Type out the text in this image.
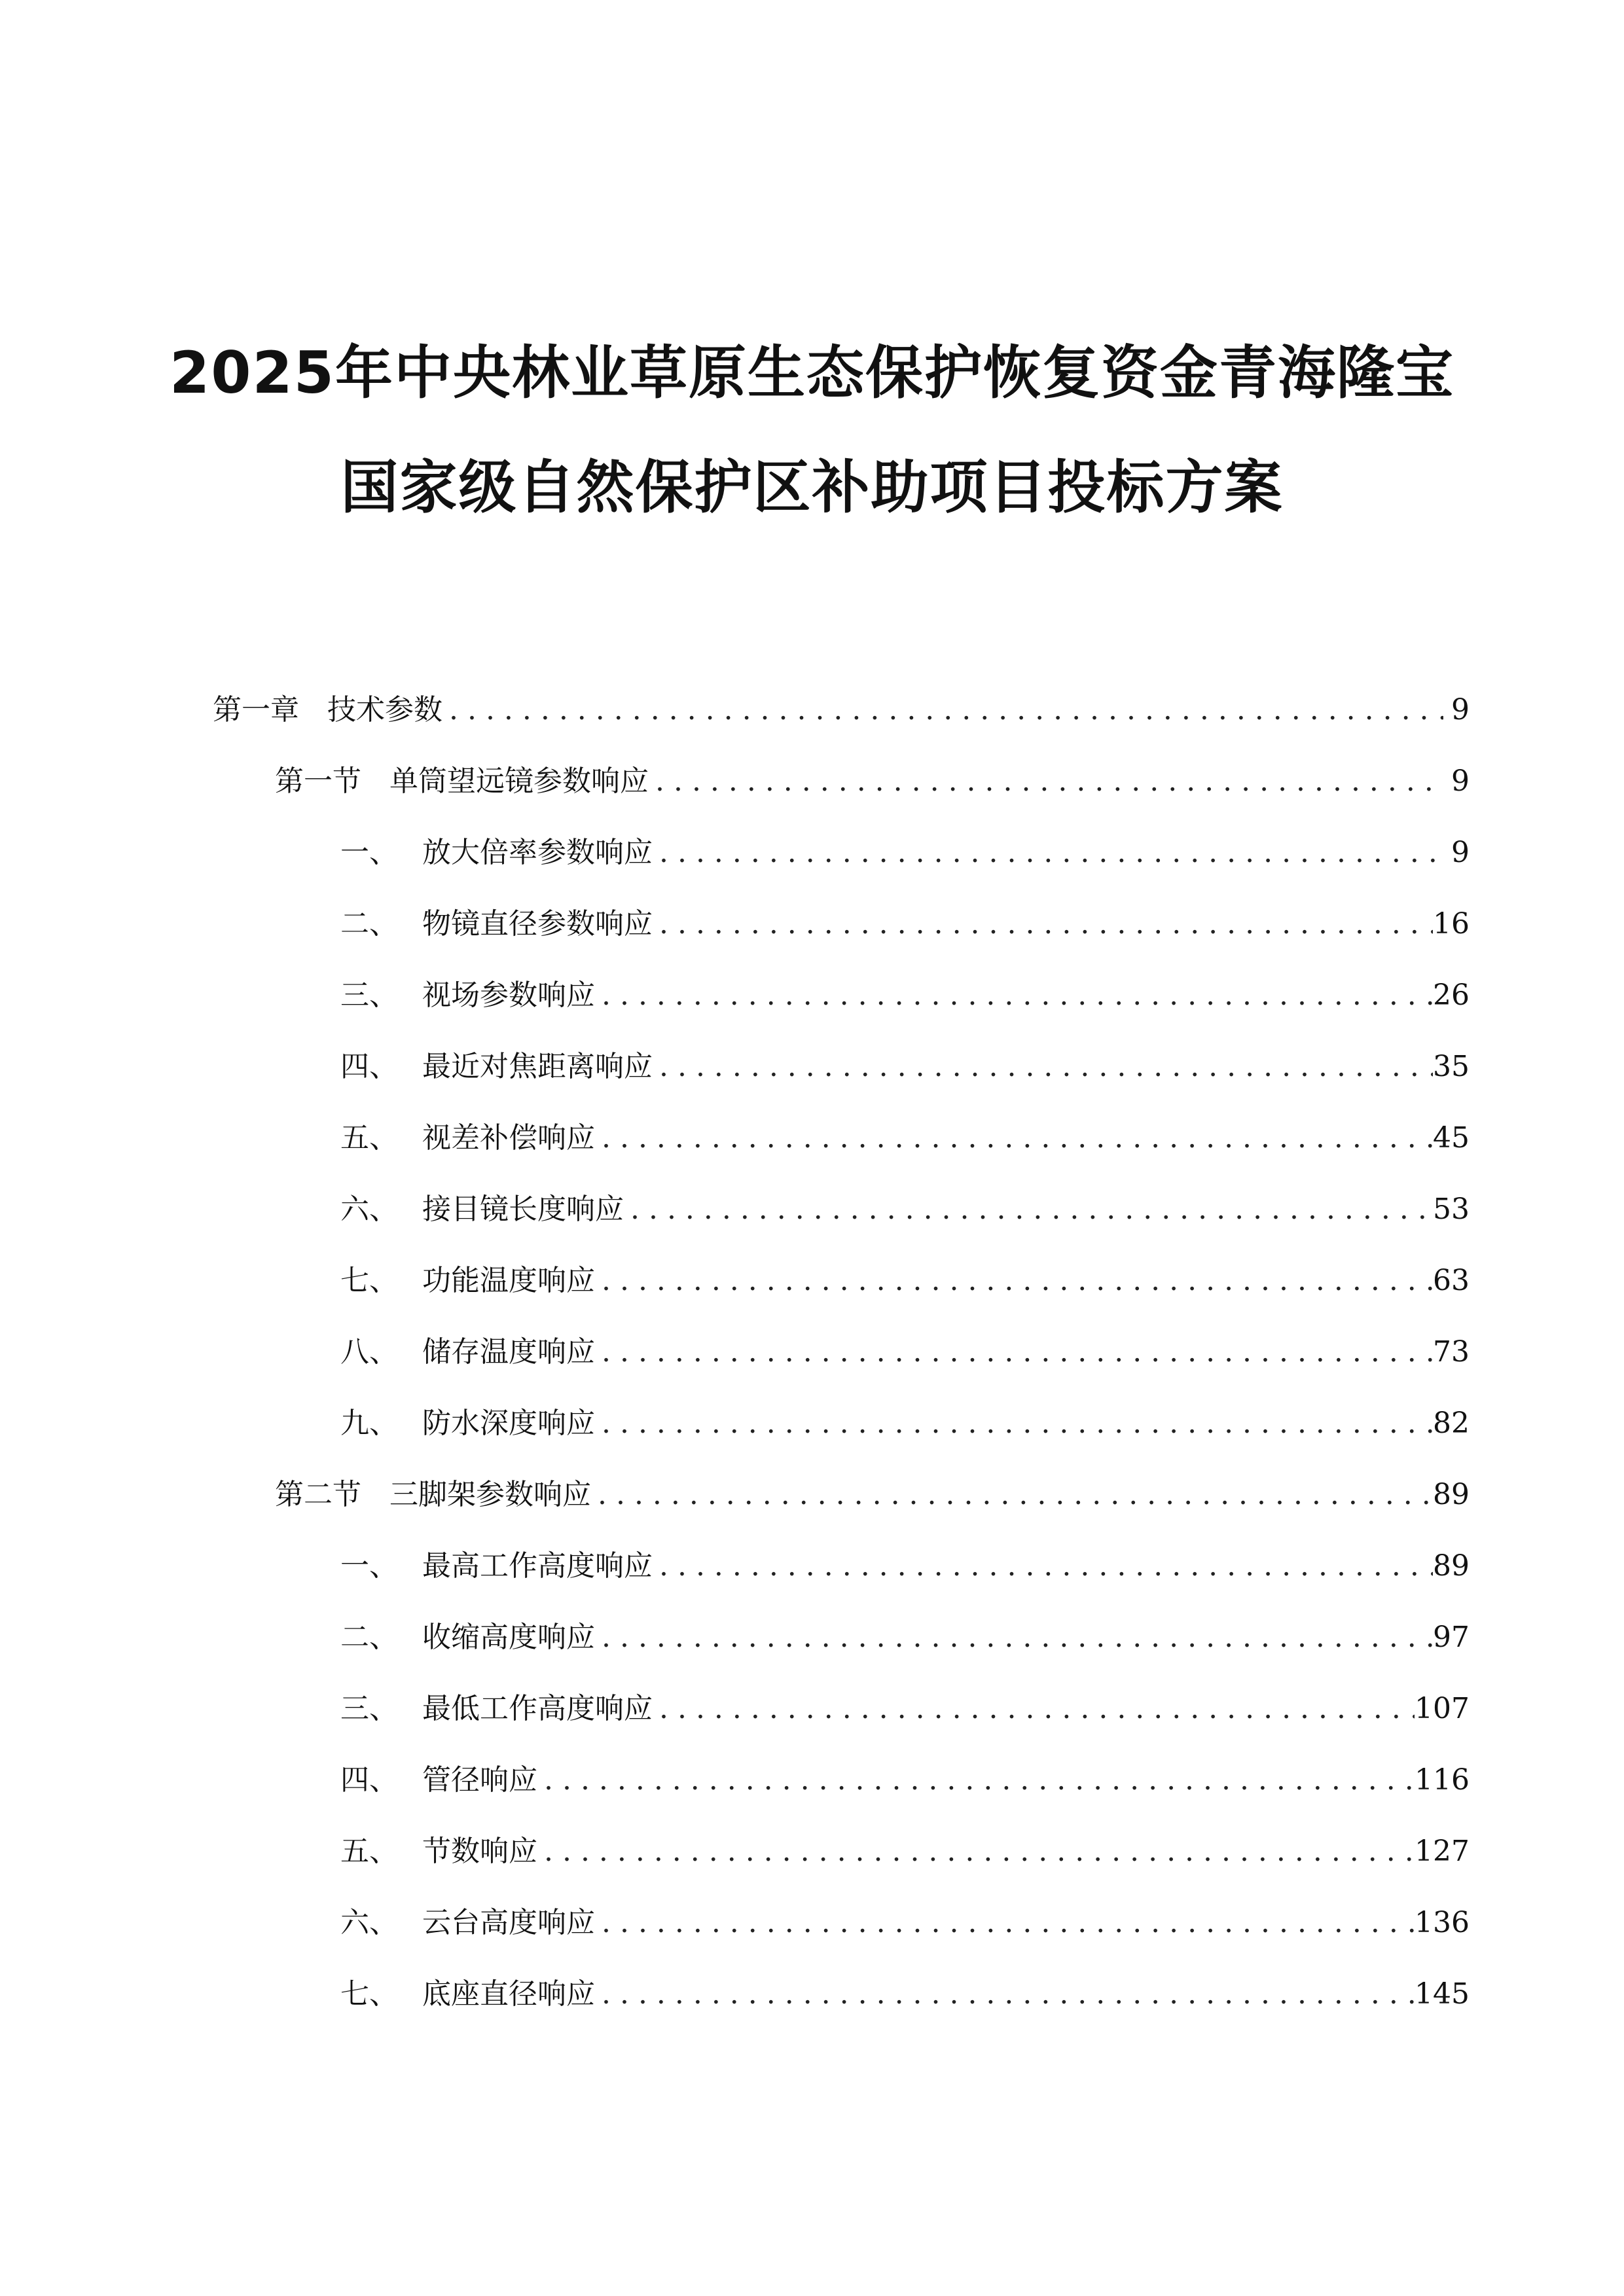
2025年中央林业草原生态保护恢复资金青海隆宝
国家级自然保护区补助项目投标方案
第一章 技术参数 . . .	9
第一节 单筒望远镜参数响应 . . .	9
一、 放大倍率参数响应 . . .	9
二、 物镜直径参数响应 . . .	16
三、 视场参数响应 . . .	26
四、 最近对焦距离响应 . . .	35
五、 视差补偿响应 . . .	45
六、 接目镜长度响应 . . .	53
七、 功能温度响应 . . .	63
八、 储存温度响应 . . .	73
九、 防水深度响应 . . .	82
第二节 三脚架参数响应 . . .	89
一、 最高工作高度响应 . . .	89
二、 收缩高度响应 . . .	97
三、 最低工作高度响应 . . .	107
四、 管径响应 . . .	116
五、 节数响应 . . .	127
六、 云台高度响应 . . .	136
七、 底座直径响应 . . .	145
